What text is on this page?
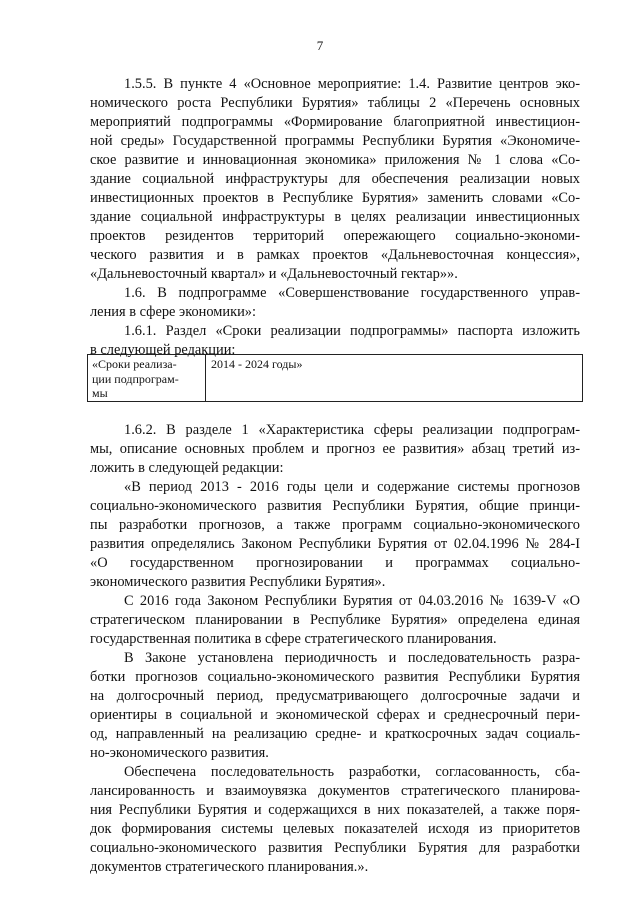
7
1.5.5. В пункте 4 «Основное мероприятие: 1.4. Развитие центров эко-
номического роста Республики Бурятия» таблицы 2 «Перечень основных
мероприятий подпрограммы «Формирование благоприятной инвестицион-
ной среды» Государственной программы Республики Бурятия «Экономиче-
ское развитие и инновационная экономика» приложения № 1 слова «Со-
здание социальной инфраструктуры для обеспечения реализации новых
инвестиционных проектов в Республике Бурятия» заменить словами «Со-
здание социальной инфраструктуры в целях реализации инвестиционных
проектов резидентов территорий опережающего социально-экономи-
ческого развития и в рамках проектов «Дальневосточная концессия»,
«Дальневосточный квартал» и «Дальневосточный гектар»».
1.6. В подпрограмме «Совершенствование государственного управ-
ления в сфере экономики»:
1.6.1. Раздел «Сроки реализации подпрограммы» паспорта изложить
в следующей редакции:
«Сроки реализа-
ции подпрограм-
мы
2014 - 2024 годы»
1.6.2. В разделе 1 «Характеристика сферы реализации подпрограм-
мы, описание основных проблем и прогноз ее развития» абзац третий из-
ложить в следующей редакции:
«В период 2013 - 2016 годы цели и содержание системы прогнозов
социально-экономического развития Республики Бурятия, общие принци-
пы разработки прогнозов, а также программ социально-экономического
развития определялись Законом Республики Бурятия от 02.04.1996 № 284-I
«О государственном прогнозировании и программах социально-
экономического развития Республики Бурятия».
С 2016 года Законом Республики Бурятия от 04.03.2016 № 1639-V «О
стратегическом планировании в Республике Бурятия» определена единая
государственная политика в сфере стратегического планирования.
В Законе установлена периодичность и последовательность разра-
ботки прогнозов социально-экономического развития Республики Бурятия
на долгосрочный период, предусматривающего долгосрочные задачи и
ориентиры в социальной и экономической сферах и среднесрочный пери-
од, направленный на реализацию средне- и краткосрочных задач социаль-
но-экономического развития.
Обеспечена последовательность разработки, согласованность, сба-
лансированность и взаимоувязка документов стратегического планирова-
ния Республики Бурятия и содержащихся в них показателей, а также поря-
док формирования системы целевых показателей исходя из приоритетов
социально-экономического развития Республики Бурятия для разработки
документов стратегического планирования.».
